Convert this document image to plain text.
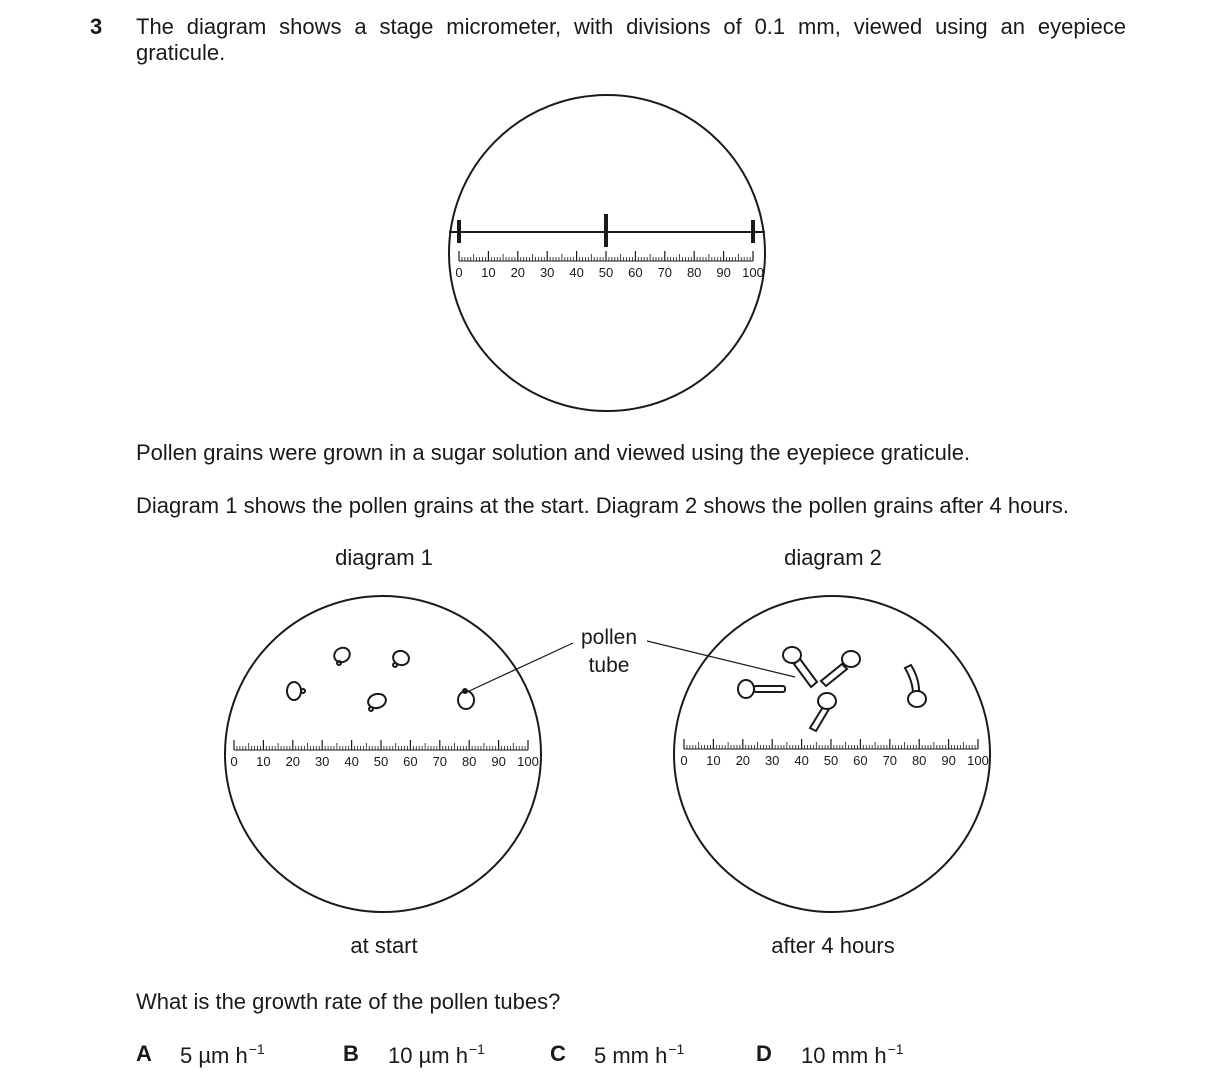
3 The diagram shows a stage micrometer, with divisions of 0.1 mm, viewed using an eyepiece graticule.

0 10 20 30 40 50 60 70 80 90 100
0 10 20 30 40 50 60 70 80 90 100	0 10 20 30 40 50 60 70 80 90 100
pollen
tube

Pollen grains were grown in a sugar solution and viewed using the eyepiece graticule.

Diagram 1 shows the pollen grains at the start. Diagram 2 shows the pollen grains after 4 hours.

diagram 1	diagram 2
at start	after 4 hours

What is the growth rate of the pollen tubes?

A 5 µm $h^{-1}$	B 10 µm $h^{-1}$	C 5 mm $h^{-1}$	D 10 mm $h^{-1}$
